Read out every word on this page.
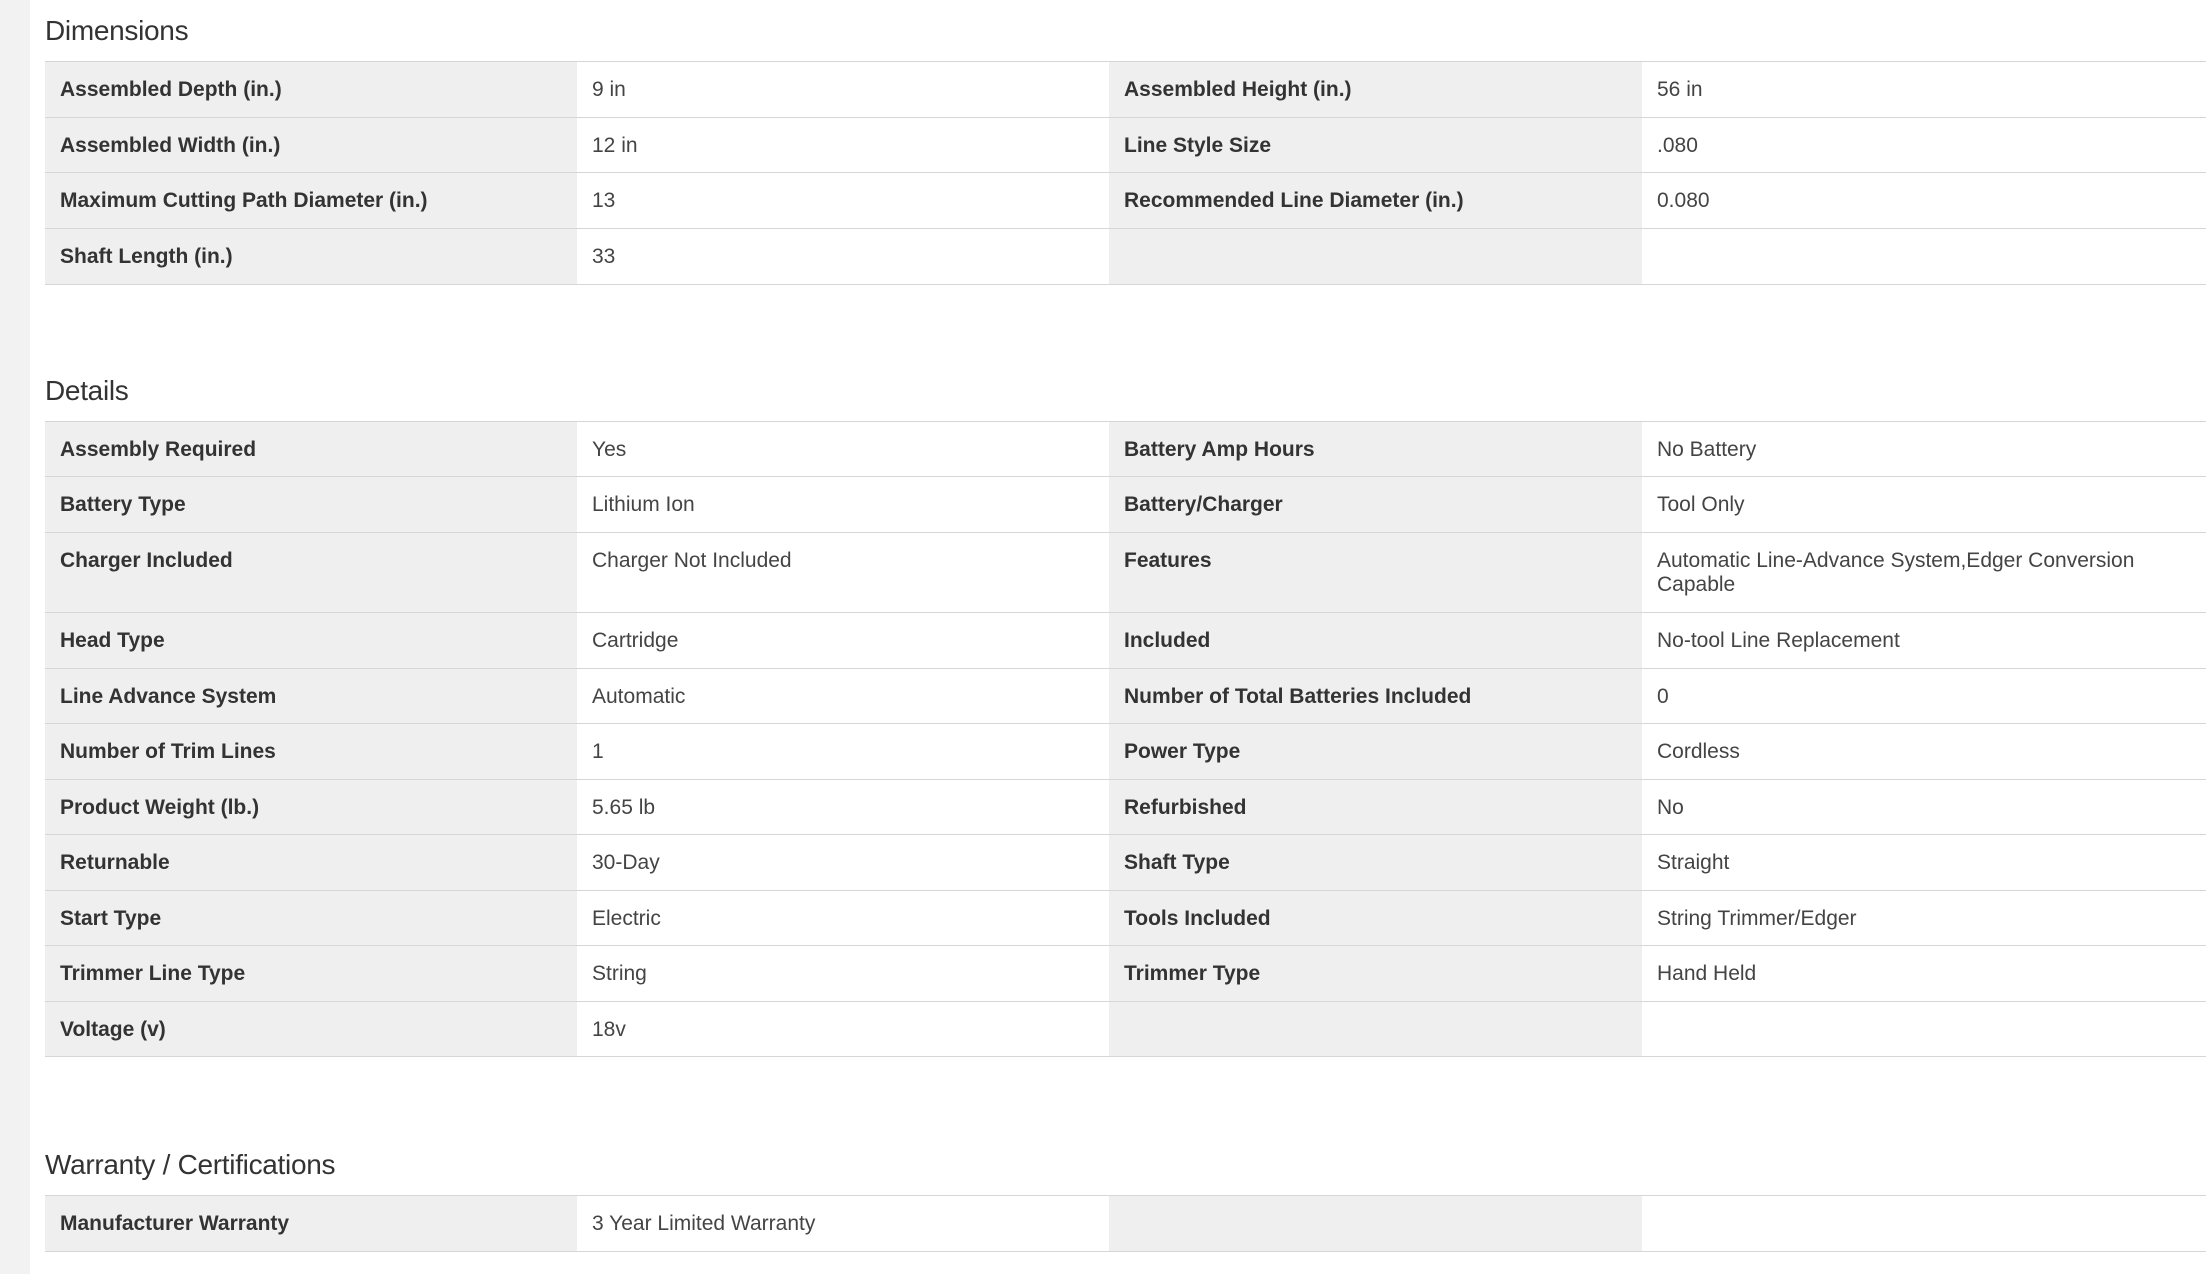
Dimensions
Assembled Depth (in.)	9 in	Assembled Height (in.)	56 in
Assembled Width (in.)	12 in	Line Style Size	.080
Maximum Cutting Path Diameter (in.)	13	Recommended Line Diameter (in.)	0.080
Shaft Length (in.)	33
Details
Assembly Required	Yes	Battery Amp Hours	No Battery
Battery Type	Lithium Ion	Battery/Charger	Tool Only
Charger Included	Charger Not Included	Features	Automatic Line-Advance System,Edger Conversion Capable
Head Type	Cartridge	Included	No-tool Line Replacement
Line Advance System	Automatic	Number of Total Batteries Included	0
Number of Trim Lines	1	Power Type	Cordless
Product Weight (lb.)	5.65 lb	Refurbished	No
Returnable	30-Day	Shaft Type	Straight
Start Type	Electric	Tools Included	String Trimmer/Edger
Trimmer Line Type	String	Trimmer Type	Hand Held
Voltage (v)	18v
Warranty / Certifications
Manufacturer Warranty	3 Year Limited Warranty
